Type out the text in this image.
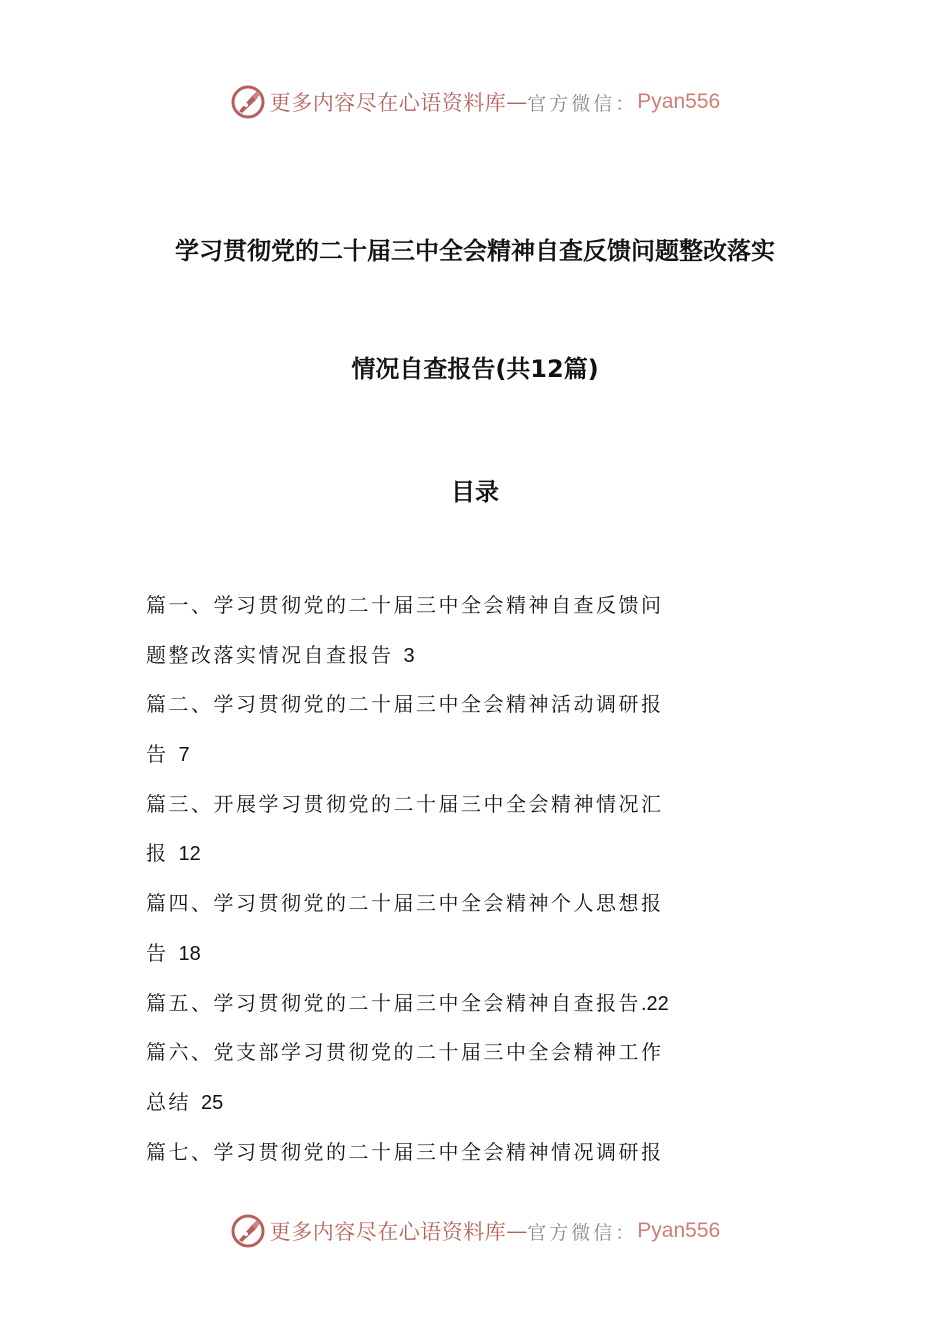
更多内容尽在心语资料库 — 官方微信： Pyan556
学习贯彻党的二十届三中全会精神自查反馈问题整改落实
情况自查报告(共12篇)
目录
篇一、学习贯彻党的二十届三中全会精神自查反馈问
题整改落实情况自查报告 3
篇二、学习贯彻党的二十届三中全会精神活动调研报
告 7
篇三、开展学习贯彻党的二十届三中全会精神情况汇
报 12
篇四、学习贯彻党的二十届三中全会精神个人思想报
告 18
篇五、学习贯彻党的二十届三中全会精神自查报告.22
篇六、党支部学习贯彻党的二十届三中全会精神工作
总结 25
篇七、学习贯彻党的二十届三中全会精神情况调研报
更多内容尽在心语资料库 — 官方微信： Pyan556
